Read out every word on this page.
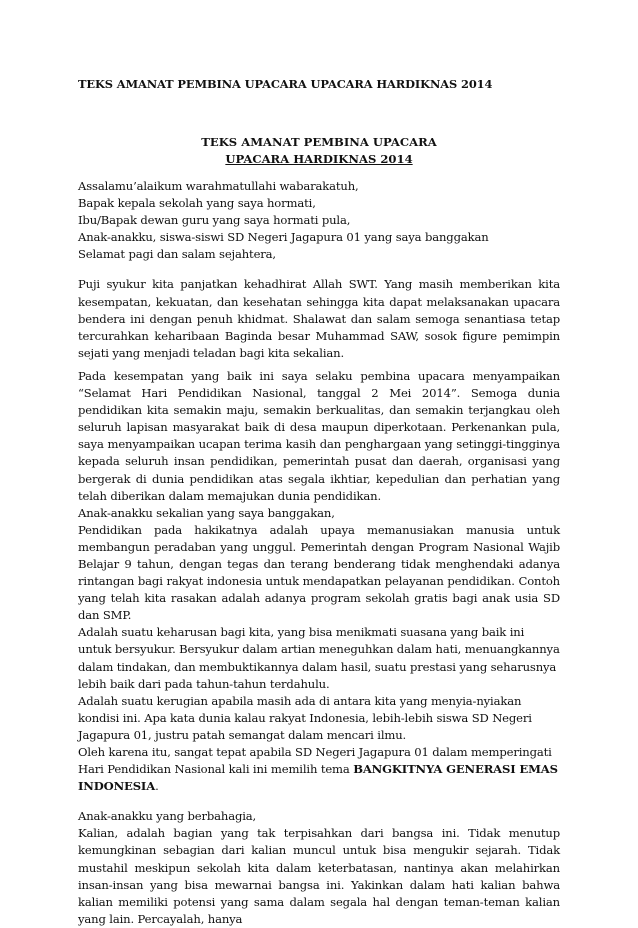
TEKS AMANAT PEMBINA UPACARA UPACARA HARDIKNAS 2014
TEKS AMANAT PEMBINA UPACARA
UPACARA HARDIKNAS 2014

Assalamu’alaikum warahmatullahi wabarakatuh,

Bapak kepala sekolah yang saya hormati,

Ibu/Bapak dewan guru yang saya hormati pula,

Anak-anakku, siswa-siswi SD Negeri Jagapura 01 yang saya banggakan

Selamat pagi dan salam sejahtera,

Puji syukur kita panjatkan kehadhirat Allah SWT. Yang masih memberikan kita kesempatan, kekuatan, dan kesehatan sehingga kita dapat melaksanakan upacara bendera ini dengan penuh khidmat. Shalawat dan salam semoga senantiasa tetap tercurahkan keharibaan Baginda besar Muhammad SAW, sosok figure pemimpin sejati yang menjadi teladan bagi kita sekalian.

Pada kesempatan yang baik ini saya selaku pembina upacara menyampaikan “Selamat Hari Pendidikan Nasional, tanggal 2 Mei 2014”. Semoga dunia pendidikan kita semakin maju, semakin berkualitas, dan semakin terjangkau oleh seluruh lapisan masyarakat baik di desa maupun diperkotaan. Perkenankan pula, saya menyampaikan ucapan terima kasih dan penghargaan yang setinggi-tingginya kepada seluruh insan pendidikan, pemerintah pusat dan daerah, organisasi yang bergerak di dunia pendidikan atas segala ikhtiar, kepedulian dan perhatian yang telah diberikan dalam memajukan dunia pendidikan.

Anak-anakku sekalian yang saya banggakan,

Pendidikan pada hakikatnya adalah upaya memanusiakan manusia untuk membangun peradaban yang unggul. Pemerintah dengan Program Nasional Wajib Belajar 9 tahun, dengan tegas dan terang benderang tidak menghendaki adanya rintangan bagi rakyat indonesia untuk mendapatkan pelayanan pendidikan. Contoh yang telah kita rasakan adalah adanya program sekolah gratis bagi anak usia SD dan SMP.

Adalah suatu keharusan bagi kita, yang bisa menikmati suasana yang baik ini untuk bersyukur. Bersyukur dalam artian meneguhkan dalam hati, menuangkannya dalam tindakan, dan membuktikannya dalam hasil, suatu prestasi yang seharusnya lebih baik dari pada tahun-tahun terdahulu.

Adalah suatu kerugian apabila masih ada di antara kita yang menyia-nyiakan kondisi ini. Apa kata dunia kalau rakyat Indonesia, lebih-lebih siswa SD Negeri Jagapura 01, justru patah semangat dalam mencari ilmu.

Oleh karena itu, sangat tepat apabila SD Negeri Jagapura 01 dalam memperingati Hari Pendidikan Nasional kali ini memilih tema BANGKITNYA GENERASI EMAS INDONESIA.

Anak-anakku yang berbahagia,

Kalian, adalah bagian yang tak terpisahkan dari bangsa ini. Tidak menutup kemungkinan sebagian dari kalian muncul untuk bisa mengukir sejarah. Tidak mustahil meskipun sekolah kita dalam keterbatasan, nantinya akan melahirkan insan-insan yang bisa mewarnai bangsa ini. Yakinkan dalam hati kalian bahwa kalian memiliki potensi yang sama dalam segala hal dengan teman-teman kalian yang lain. Percayalah, hanya
